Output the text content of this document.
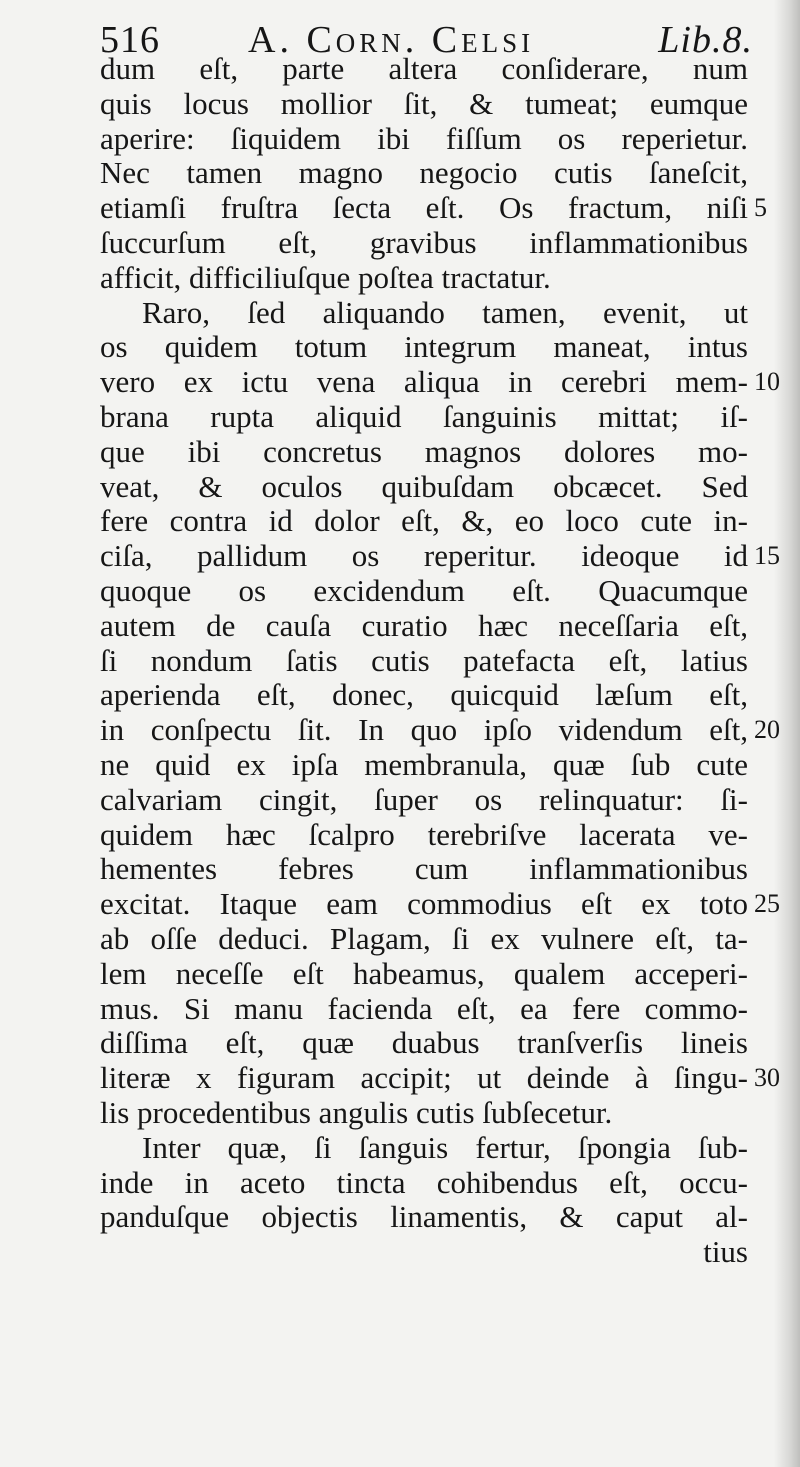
516 A. Corn. Celsi	Lib.8.
dum eſt, parte altera conſiderare, num
quis locus mollior ſit, & tumeat; eumque
aperire: ſiquidem ibi fiſſum os reperietur.
Nec tamen magno negocio cutis ſaneſcit,
etiamſi fruſtra ſecta eſt. Os fractum, niſi 5
ſuccurſum eſt, gravibus inflammationibus
afficit, difficiliuſque poſtea tractatur.
Raro, ſed aliquando tamen, evenit, ut
os quidem totum integrum maneat, intus
vero ex ictu vena aliqua in cerebri mem- 10
brana rupta aliquid ſanguinis mittat; iſ-
que ibi concretus magnos dolores mo-
veat, & oculos quibuſdam obcæcet. Sed
fere contra id dolor eſt, &, eo loco cute in-
ciſa, pallidum os reperitur. ideoque id 15
quoque os excidendum eſt. Quacumque
autem de cauſa curatio hæc neceſſaria eſt,
ſi nondum ſatis cutis patefacta eſt, latius
aperienda eſt, donec, quicquid læſum eſt,
in conſpectu ſit. In quo ipſo videndum eſt, 20
ne quid ex ipſa membranula, quæ ſub cute
calvariam cingit, ſuper os relinquatur: ſi-
quidem hæc ſcalpro terebriſve lacerata ve-
hementes febres cum inflammationibus
excitat. Itaque eam commodius eſt ex toto 25
ab oſſe deduci. Plagam, ſi ex vulnere eſt, ta-
lem neceſſe eſt habeamus, qualem acceperi-
mus. Si manu facienda eſt, ea fere commo-
diſſima eſt, quæ duabus tranſverſis lineis
literæ x figuram accipit; ut deinde à ſingu- 30
lis procedentibus angulis cutis ſubſecetur.
Inter quæ, ſi ſanguis fertur, ſpongia ſub-
inde in aceto tincta cohibendus eſt, occu-
panduſque objectis linamentis, & caput al-
tius
